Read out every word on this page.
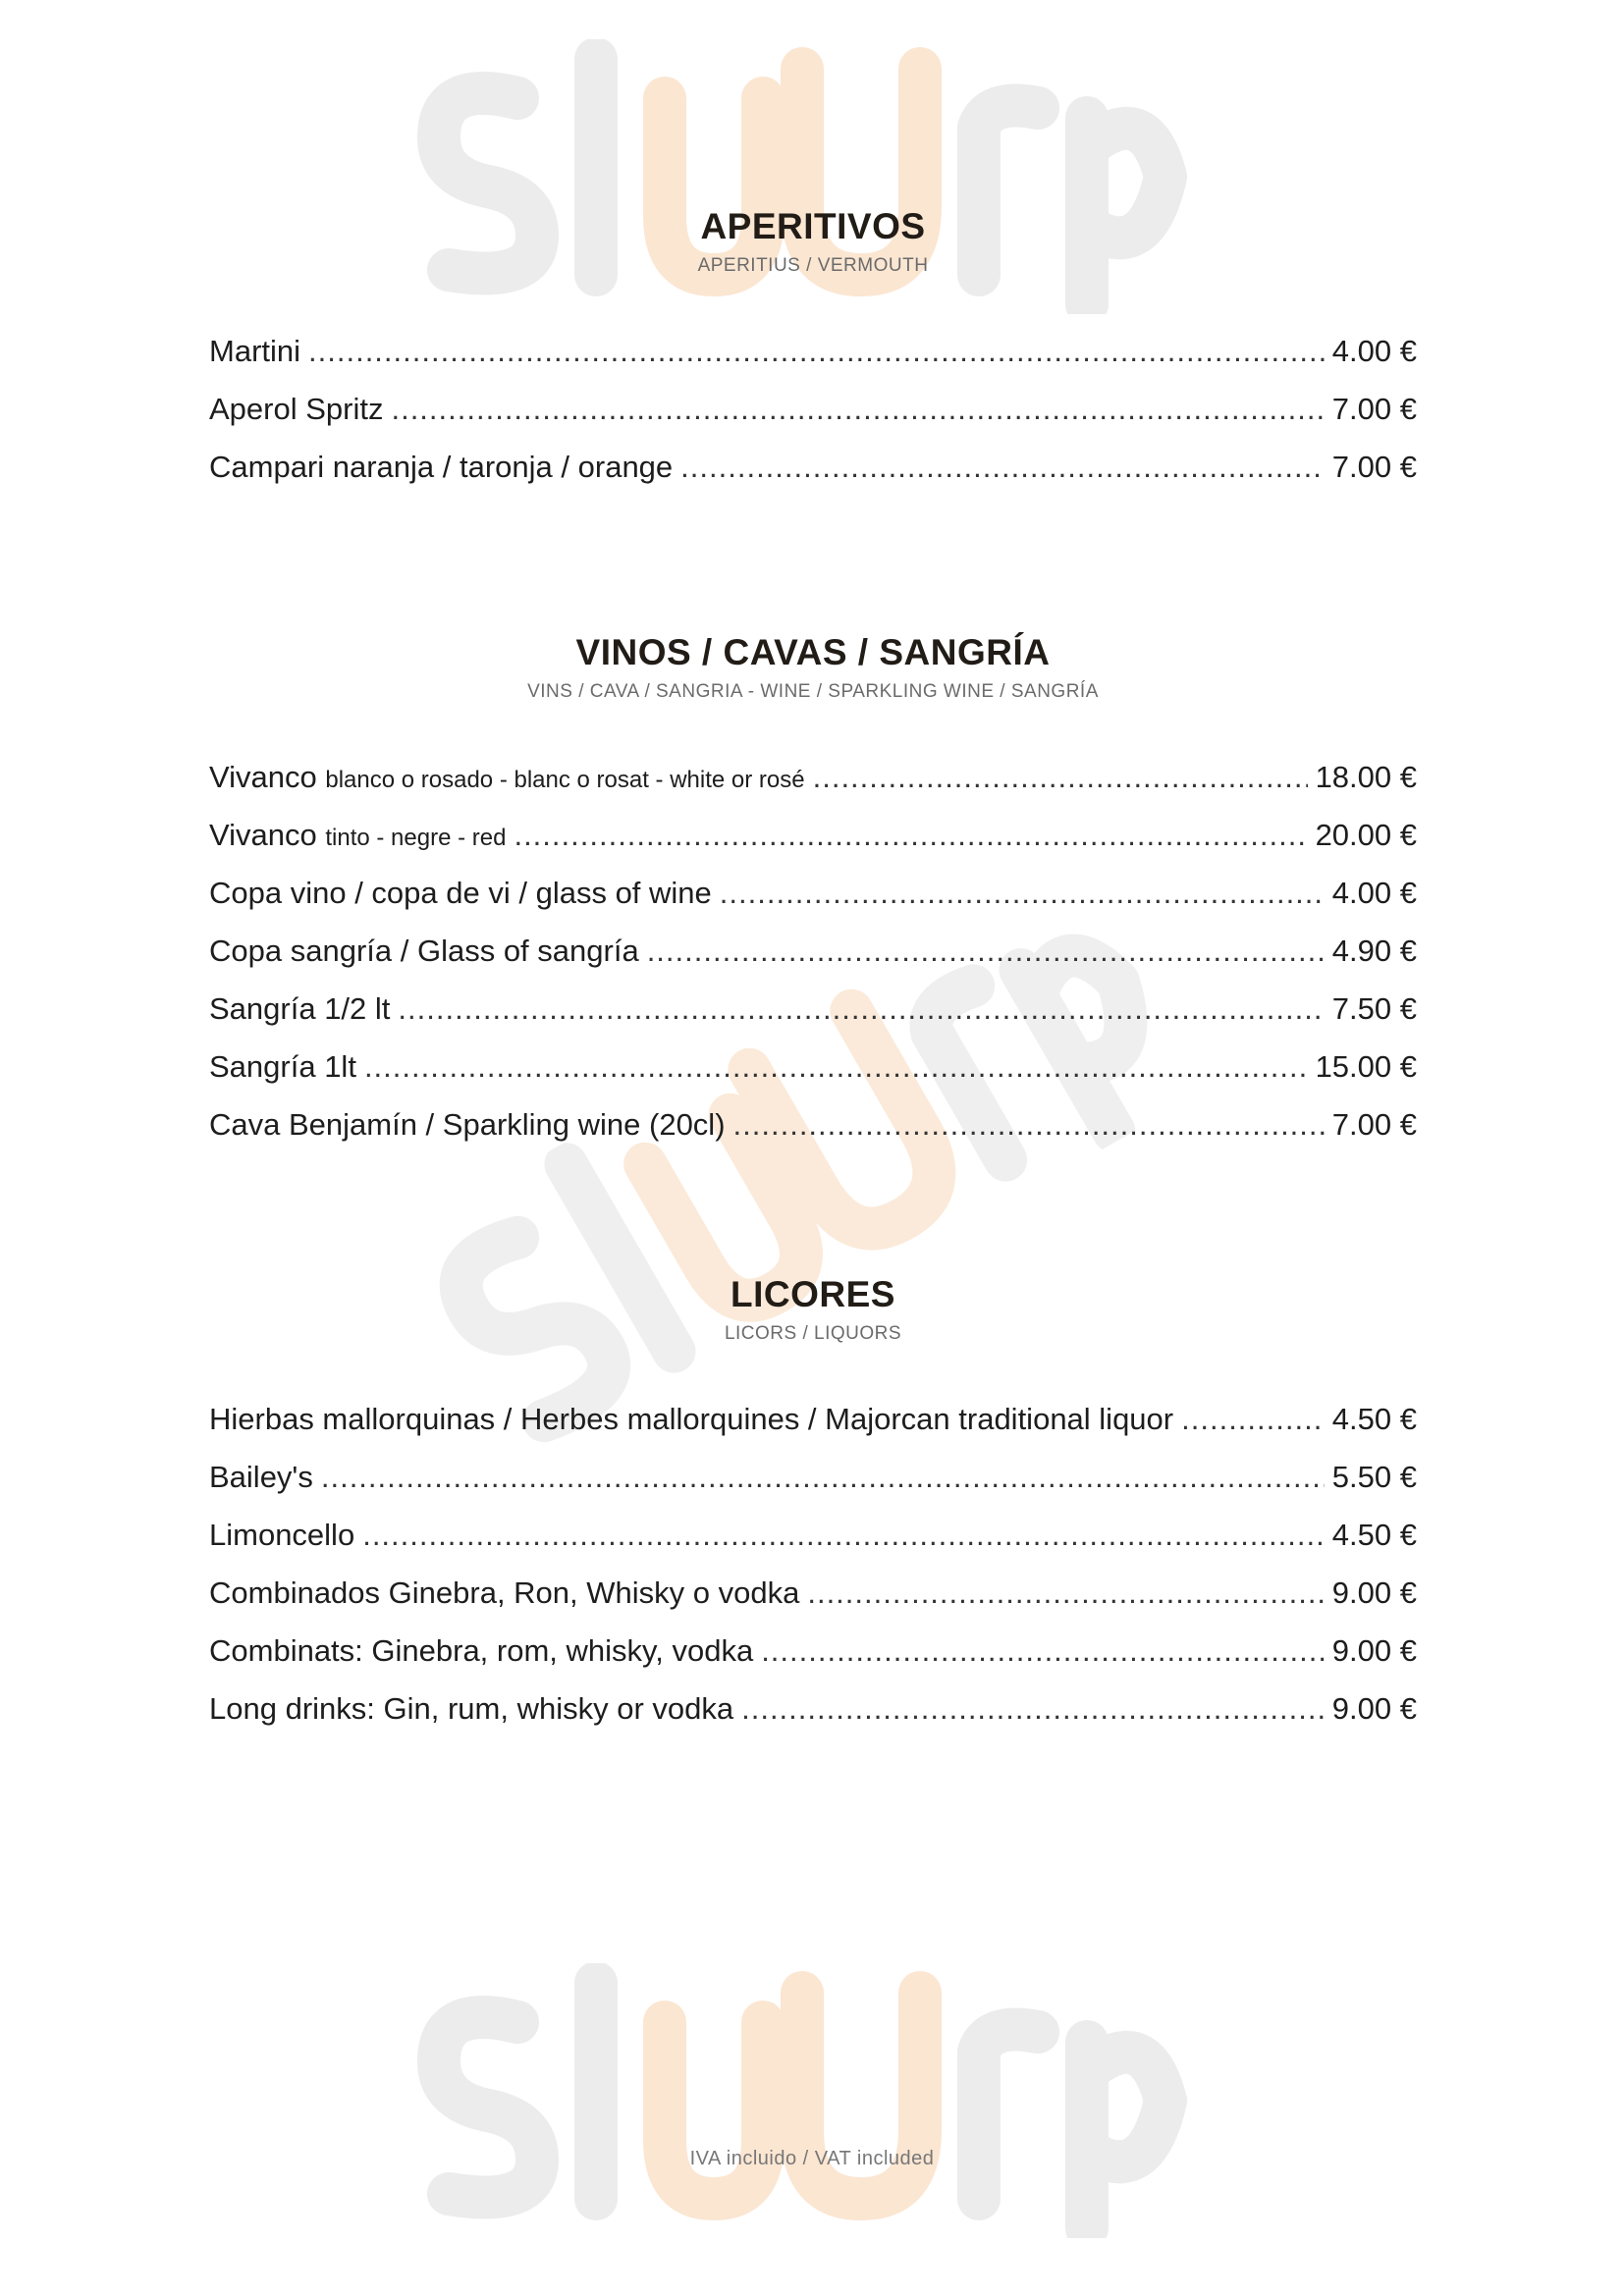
APERITIVOS
APERITIUS / VERMOUTH
Martini .....	4.00 €
Aperol Spritz .....	7.00 €
Campari naranja / taronja / orange .....	7.00 €
VINOS / CAVAS / SANGRÍA
VINS / CAVA / SANGRIA - WINE / SPARKLING WINE / SANGRÍA
Vivanco blanco o rosado - blanc o rosat - white or rosé .....	18.00 €
Vivanco tinto - negre - red .....	20.00 €
Copa vino / copa de vi / glass of wine .....	4.00 €
Copa sangría / Glass of sangría .....	4.90 €
Sangría 1/2 lt .....	7.50 €
Sangría 1lt .....	15.00 €
Cava Benjamín / Sparkling wine (20cl) .....	7.00 €
LICORES
LICORS / LIQUORS
Hierbas mallorquinas / Herbes mallorquines / Majorcan traditional liquor .....	4.50 €
Bailey's .....	5.50 €
Limoncello .....	4.50 €
Combinados Ginebra, Ron, Whisky o vodka .....	9.00 €
Combinats: Ginebra, rom, whisky, vodka .....	9.00 €
Long drinks: Gin, rum, whisky or vodka .....	9.00 €
IVA incluido / VAT included
